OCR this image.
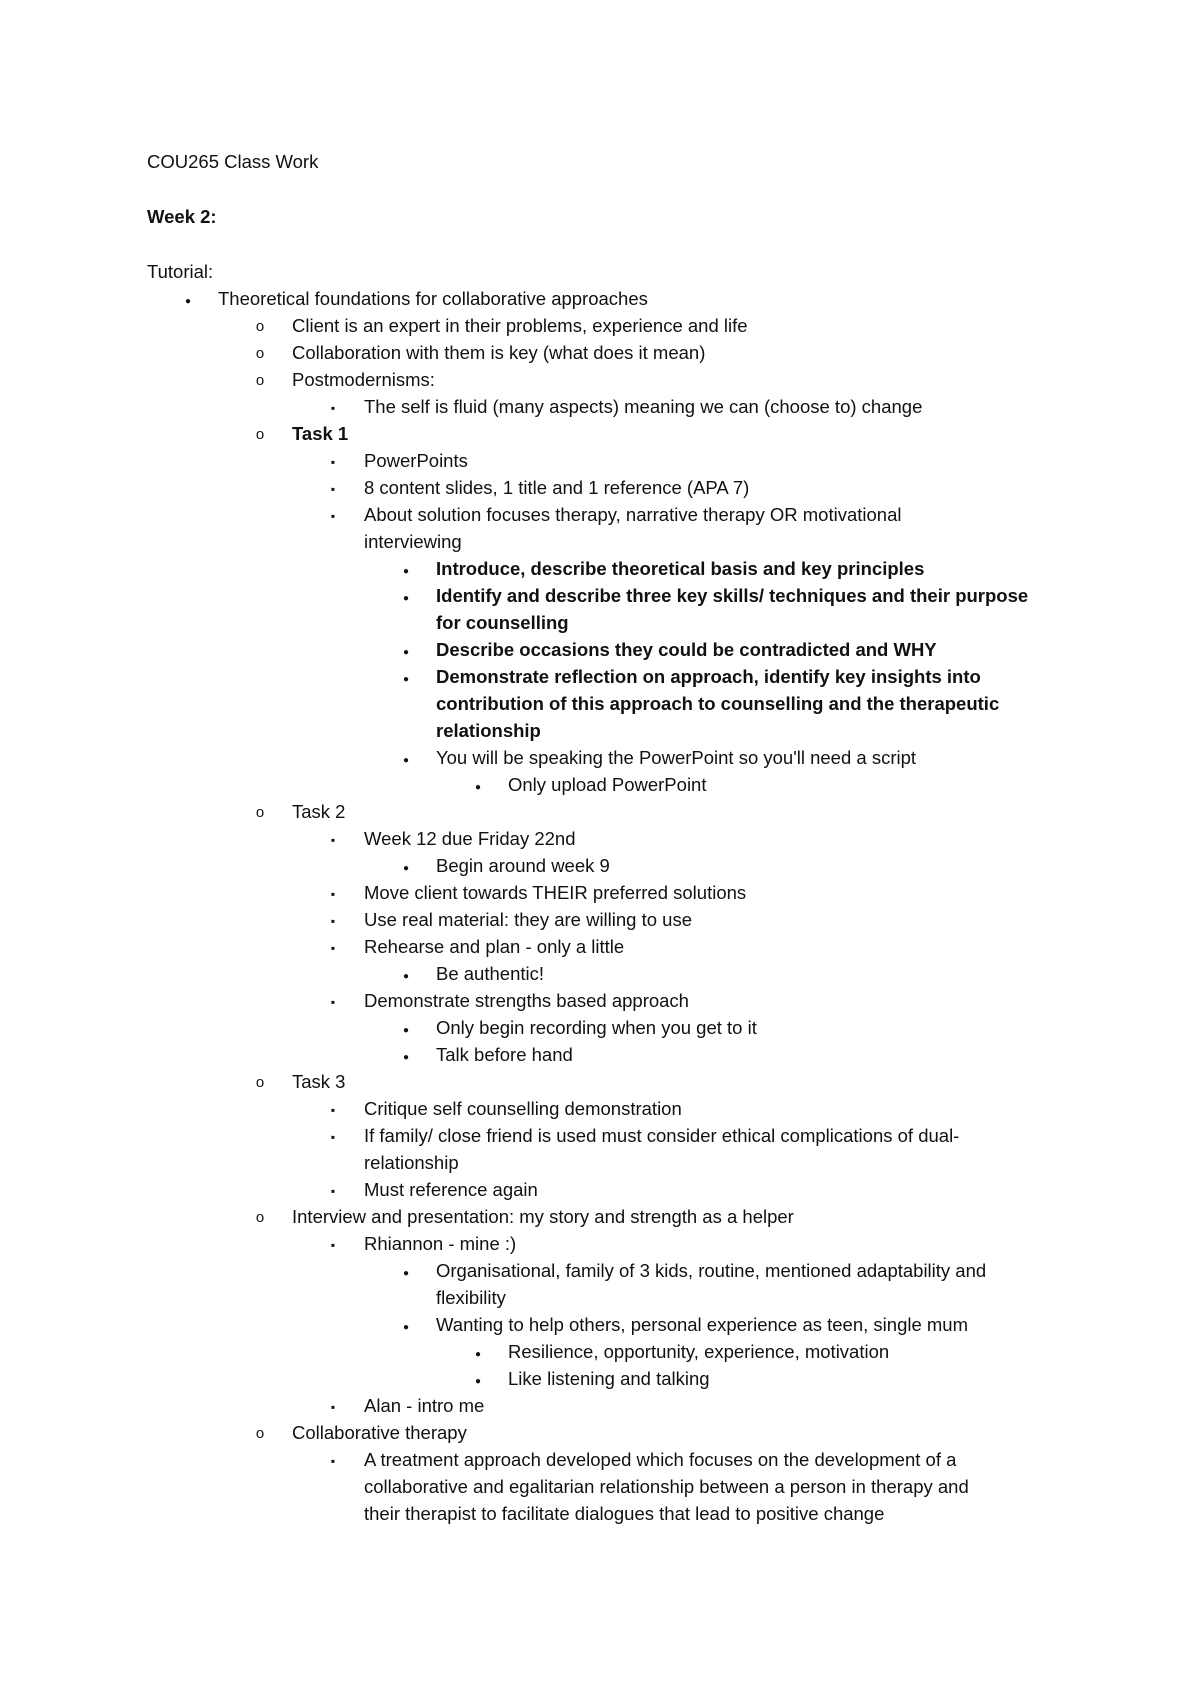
COU265 Class Work
Week 2:
Tutorial:
●
Theoretical foundations for collaborative approaches
o
Client is an expert in their problems, experience and life
o
Collaboration with them is key (what does it mean)
o
Postmodernisms:
▪
The self is fluid (many aspects) meaning we can (choose to) change
o
Task 1
▪
PowerPoints
▪
8 content slides, 1 title and 1 reference (APA 7)
▪
About solution focuses therapy, narrative therapy OR motivational
interviewing
●
Introduce, describe theoretical basis and key principles
●
Identify and describe three key skills/ techniques and their purpose
for counselling
●
Describe occasions they could be contradicted and WHY
●
Demonstrate reflection on approach, identify key insights into
contribution of this approach to counselling and the therapeutic
relationship
●
You will be speaking the PowerPoint so you'll need a script
●
Only upload PowerPoint
o
Task 2
▪
Week 12 due Friday 22nd
●
Begin around week 9
▪
Move client towards THEIR preferred solutions
▪
Use real material: they are willing to use
▪
Rehearse and plan - only a little
●
Be authentic!
▪
Demonstrate strengths based approach
●
Only begin recording when you get to it
●
Talk before hand
o
Task 3
▪
Critique self counselling demonstration
▪
If family/ close friend is used must consider ethical complications of dual-
relationship
▪
Must reference again
o
Interview and presentation: my story and strength as a helper
▪
Rhiannon - mine :)
●
Organisational, family of 3 kids, routine, mentioned adaptability and
flexibility
●
Wanting to help others, personal experience as teen, single mum
●
Resilience, opportunity, experience, motivation
●
Like listening and talking
▪
Alan - intro me
o
Collaborative therapy
▪
A treatment approach developed which focuses on the development of a
collaborative and egalitarian relationship between a person in therapy and
their therapist to facilitate dialogues that lead to positive change
